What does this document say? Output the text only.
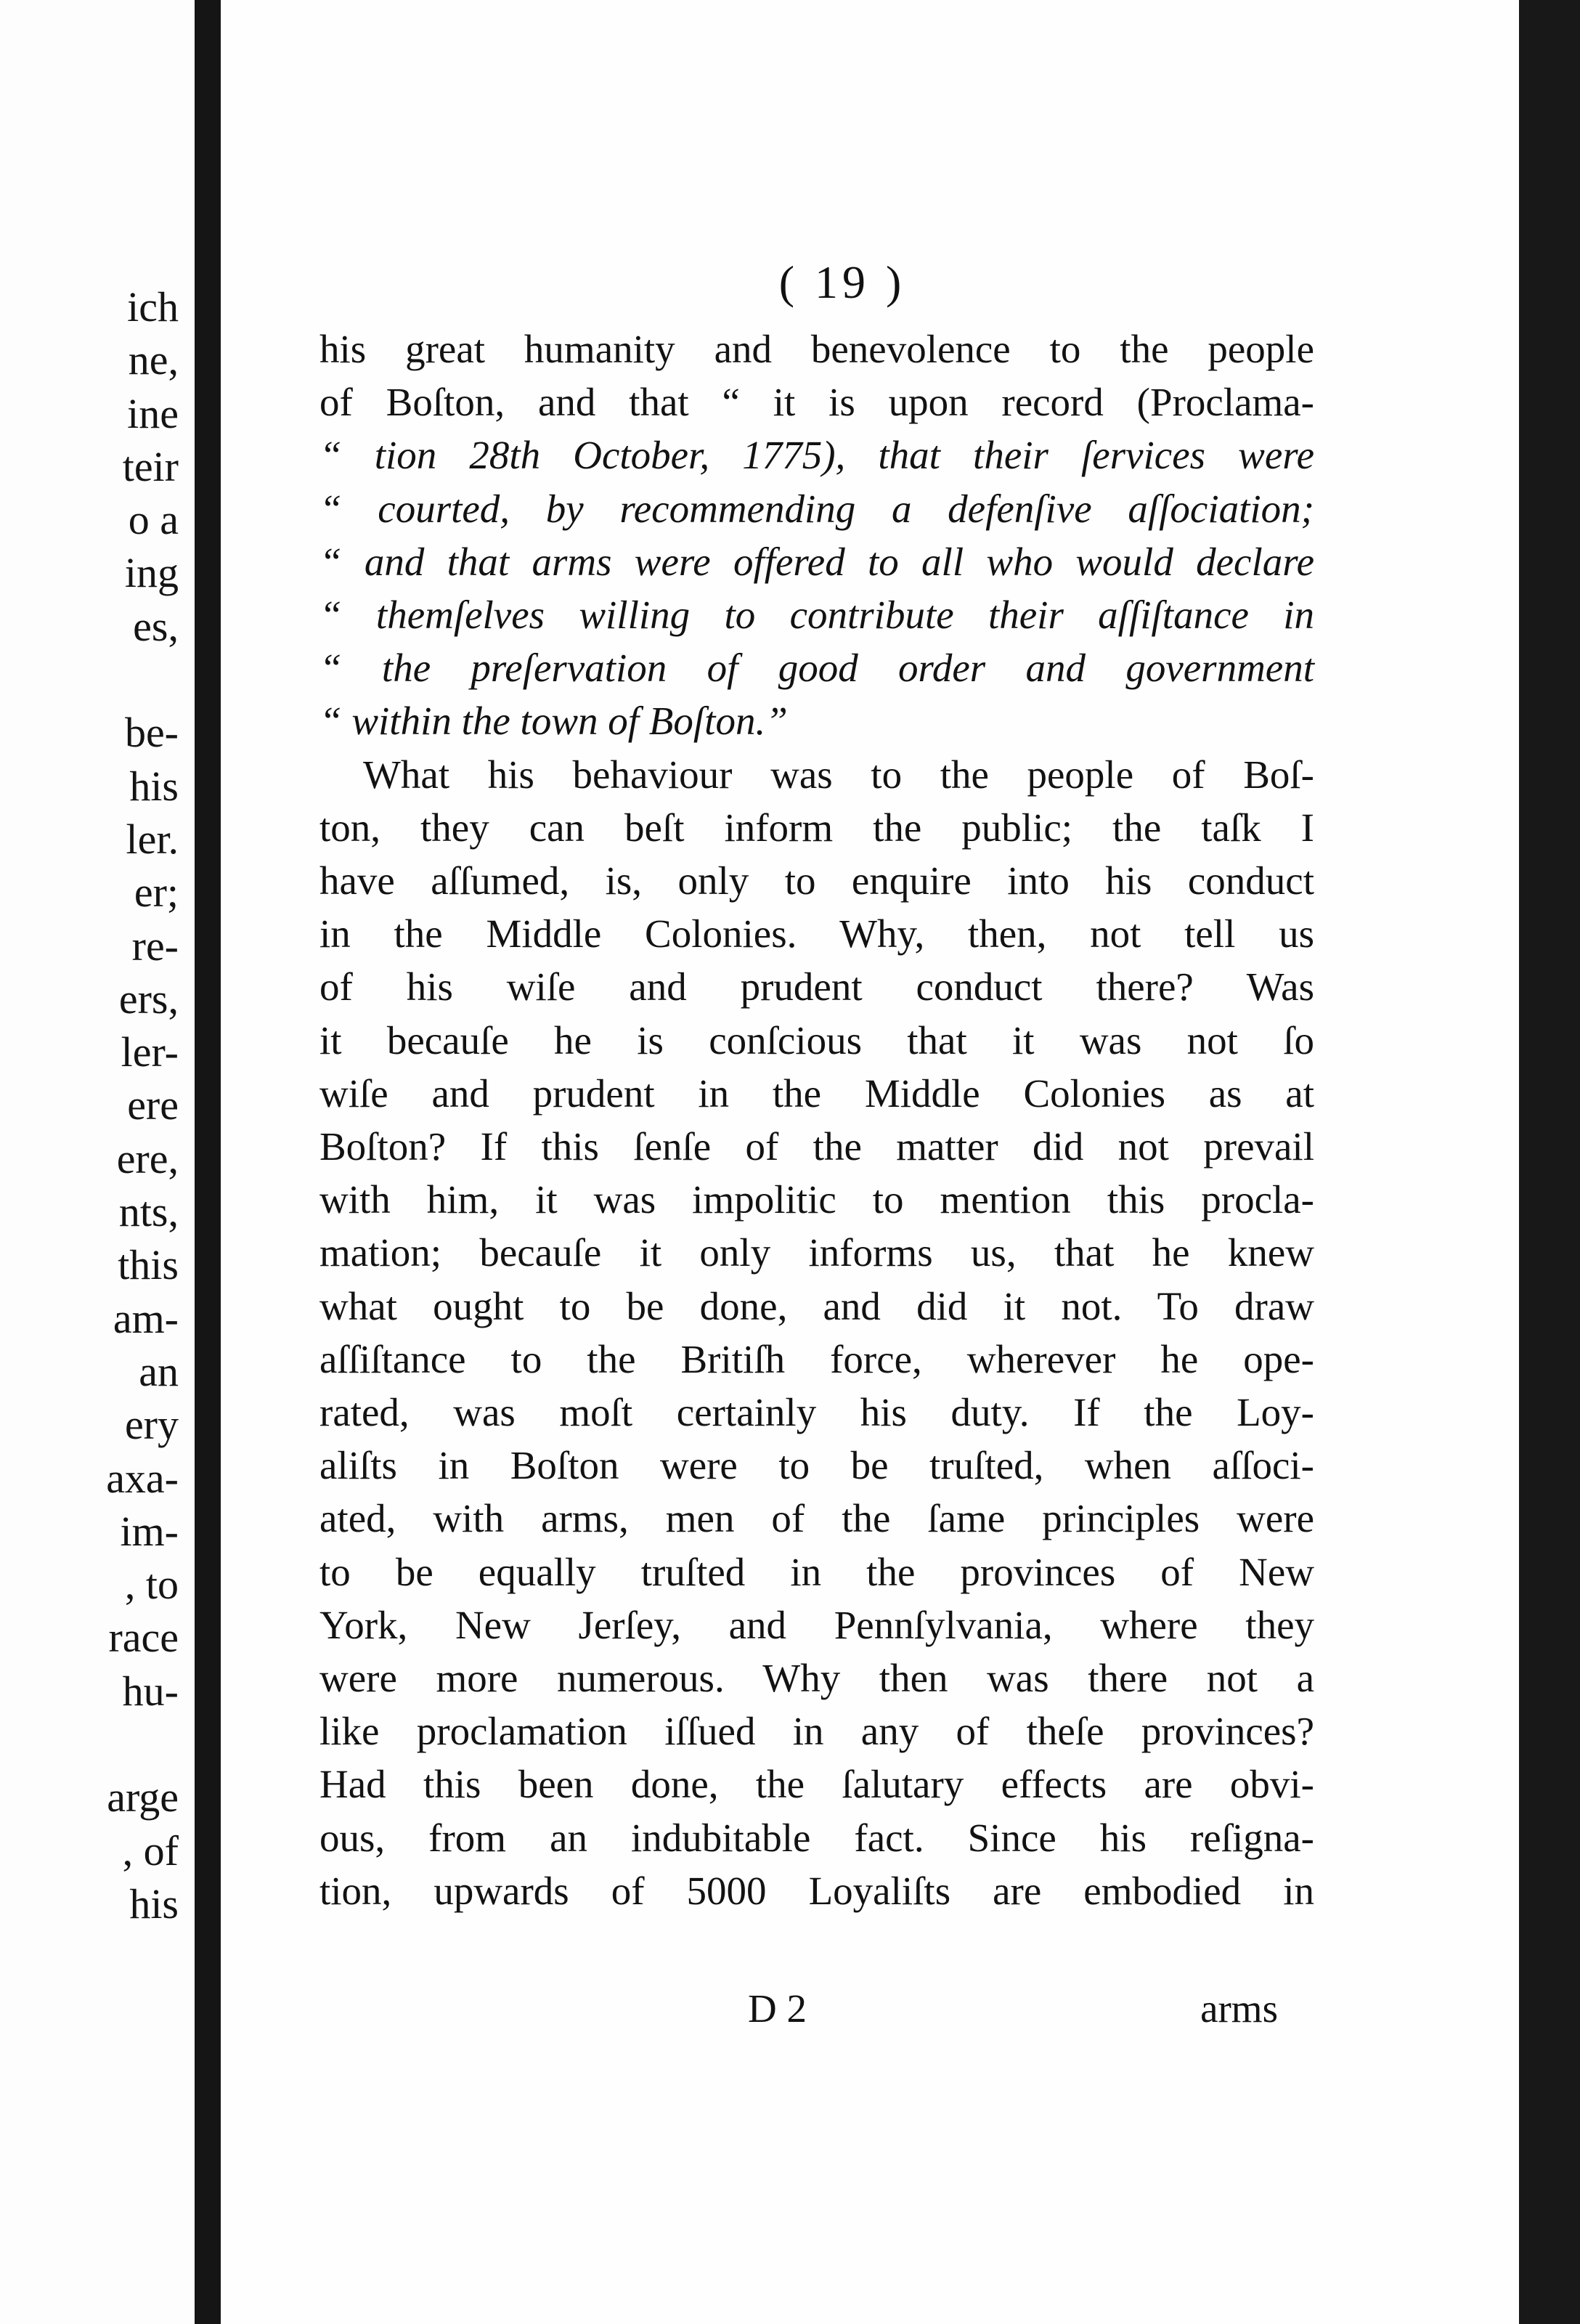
ich
ne,
ine
teir
o a
ing
es,

be-
his
ler.
er;
re-
ers,
ler-
ere
ere,
nts,
this
am-
an
ery
axa-
im-
, to
race
hu-

arge
, of
his
( 19 )
his great humanity and benevolence to the people
of Boſton, and that “ it is upon record (Proclama-
“ tion 28th October, 1775), that their ſervices were
“ courted, by recommending a defenſive aſſociation;
“ and that arms were offered to all who would declare
“ themſelves willing to contribute their aſſiſtance in
“ the preſervation of good order and government
“ within the town of Boſton.”
What his behaviour was to the people of Boſ-
ton, they can beſt inform the public; the taſk I
have aſſumed, is, only to enquire into his conduct
in the Middle Colonies. Why, then, not tell us
of his wiſe and prudent conduct there? Was
it becauſe he is conſcious that it was not ſo
wiſe and prudent in the Middle Colonies as at
Boſton? If this ſenſe of the matter did not prevail
with him, it was impolitic to mention this procla-
mation; becauſe it only informs us, that he knew
what ought to be done, and did it not. To draw
aſſiſtance to the Britiſh force, wherever he ope-
rated, was moſt certainly his duty. If the Loy-
aliſts in Boſton were to be truſted, when aſſoci-
ated, with arms, men of the ſame principles were
to be equally truſted in the provinces of New
York, New Jerſey, and Pennſylvania, where they
were more numerous. Why then was there not a
like proclamation iſſued in any of theſe provinces?
Had this been done, the ſalutary effects are obvi-
ous, from an indubitable fact. Since his reſigna-
tion, upwards of 5000 Loyaliſts are embodied in
D 2	arms
